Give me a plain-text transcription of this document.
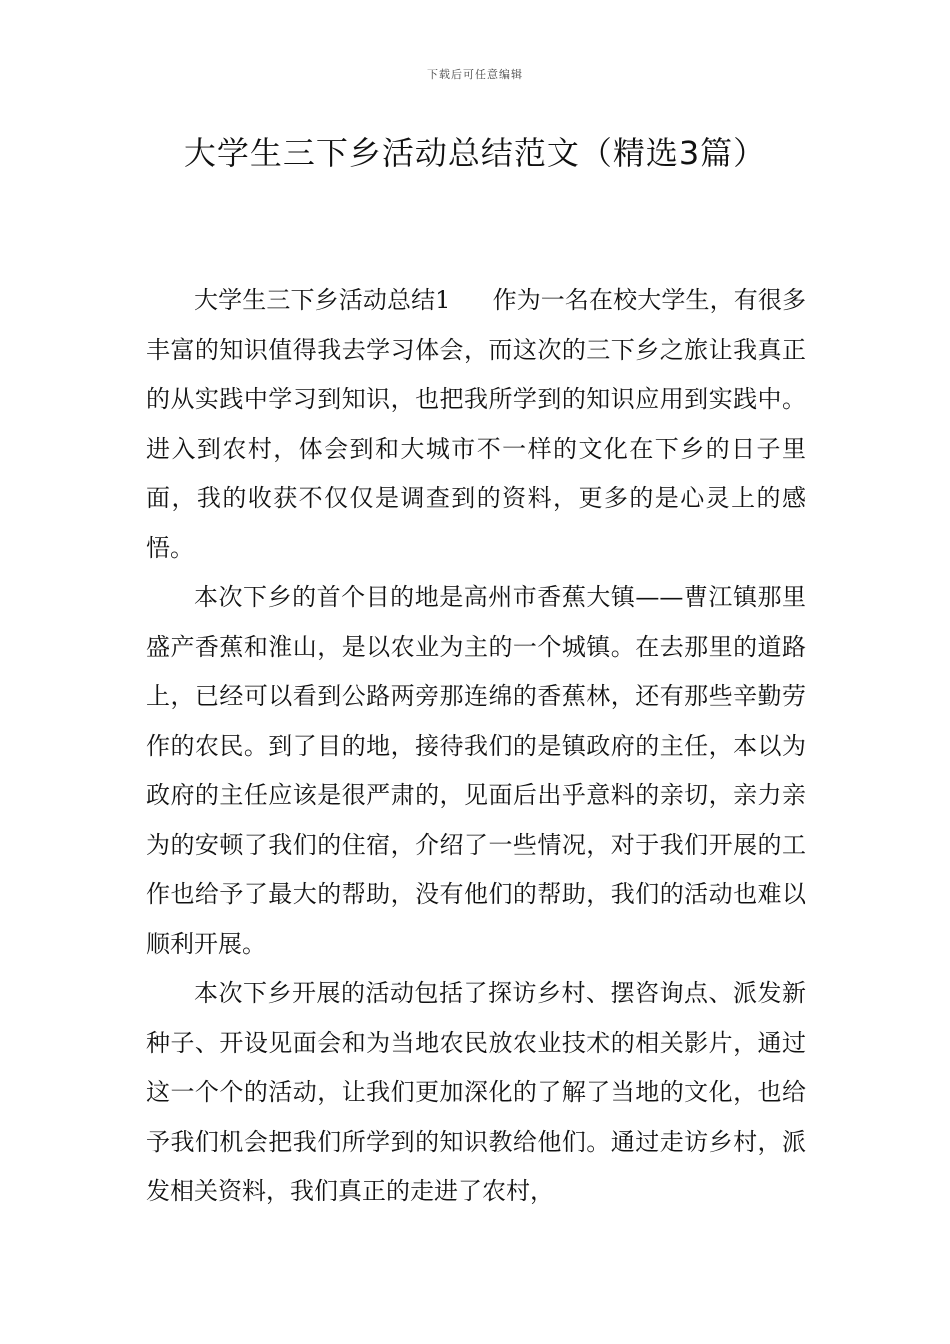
下载后可任意编辑
大学生三下乡活动总结范文（精选3篇）

大学生三下乡活动总结1 作为一名在校大学生，有很多丰富的知识值得我去学习体会，而这次的三下乡之旅让我真正的从实践中学习到知识，也把我所学到的知识应用到实践中。进入到农村，体会到和大城市不一样的文化在下乡的日子里面，我的收获不仅仅是调查到的资料，更多的是心灵上的感悟。

本次下乡的首个目的地是高州市香蕉大镇——曹江镇那里盛产香蕉和淮山，是以农业为主的一个城镇。在去那里的道路上，已经可以看到公路两旁那连绵的香蕉林，还有那些辛勤劳作的农民。到了目的地，接待我们的是镇政府的主任，本以为政府的主任应该是很严肃的，见面后出乎意料的亲切，亲力亲为的安顿了我们的住宿，介绍了一些情况，对于我们开展的工作也给予了最大的帮助，没有他们的帮助，我们的活动也难以顺利开展。

本次下乡开展的活动包括了探访乡村、摆咨询点、派发新种子、开设见面会和为当地农民放农业技术的相关影片，通过这一个个的活动，让我们更加深化的了解了当地的文化，也给予我们机会把我们所学到的知识教给他们。通过走访乡村，派发相关资料，我们真正的走进了农村，
